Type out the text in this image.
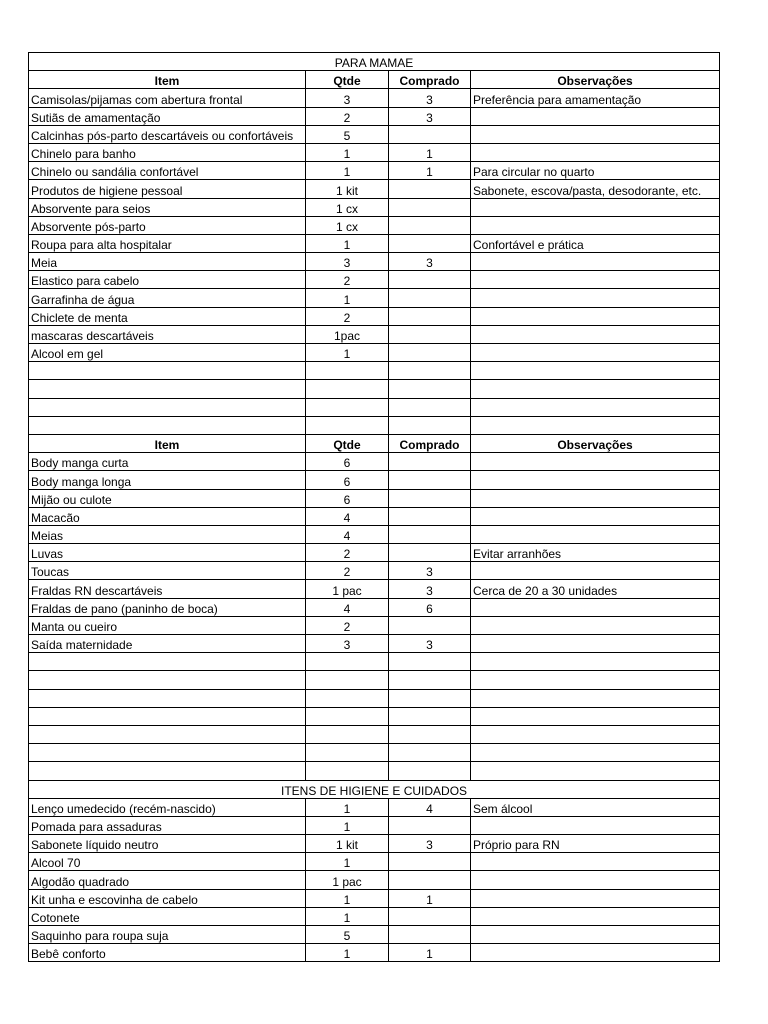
PARA MAMAE			
Item	Qtde	Comprado	Observações
Camisolas/pijamas com abertura frontal	3	3	Preferência para amamentação
Sutiãs de amamentação	2	3	
Calcinhas pós-parto descartáveis ou confortáveis	5		
Chinelo para banho	1	1	
Chinelo ou sandália confortável	1	1	Para circular no quarto
Produtos de higiene pessoal	1 kit		Sabonete, escova/pasta, desodorante, etc.
Absorvente para seios	1 cx		
Absorvente pós-parto	1 cx		
Roupa para alta hospitalar	1		Confortável e prática
Meia	3	3	
Elastico para cabelo	2		
Garrafinha de água	1		
Chiclete de menta	2		
mascaras descartáveis	1pac		
Alcool em gel	1		

Item	Qtde	Comprado	Observações
Body manga curta	6		
Body manga longa	6		
Mijão ou culote	6		
Macacão	4		
Meias	4		
Luvas	2		Evitar arranhões
Toucas	2	3	
Fraldas RN descartáveis	1 pac	3	Cerca de 20 a 30 unidades
Fraldas de pano (paninho de boca)	4	6	
Manta ou cueiro	2		
Saída maternidade	3	3	

ITENS DE HIGIENE E CUIDADOS			
Lenço umedecido (recém-nascido)	1	4	Sem álcool
Pomada para assaduras	1		
Sabonete líquido neutro	1 kit	3	Próprio para RN
Alcool 70	1		
Algodão quadrado	1 pac		
Kit unha e escovinha de cabelo	1	1	
Cotonete	1		
Saquinho para roupa suja	5		
Bebê conforto	1	1	
